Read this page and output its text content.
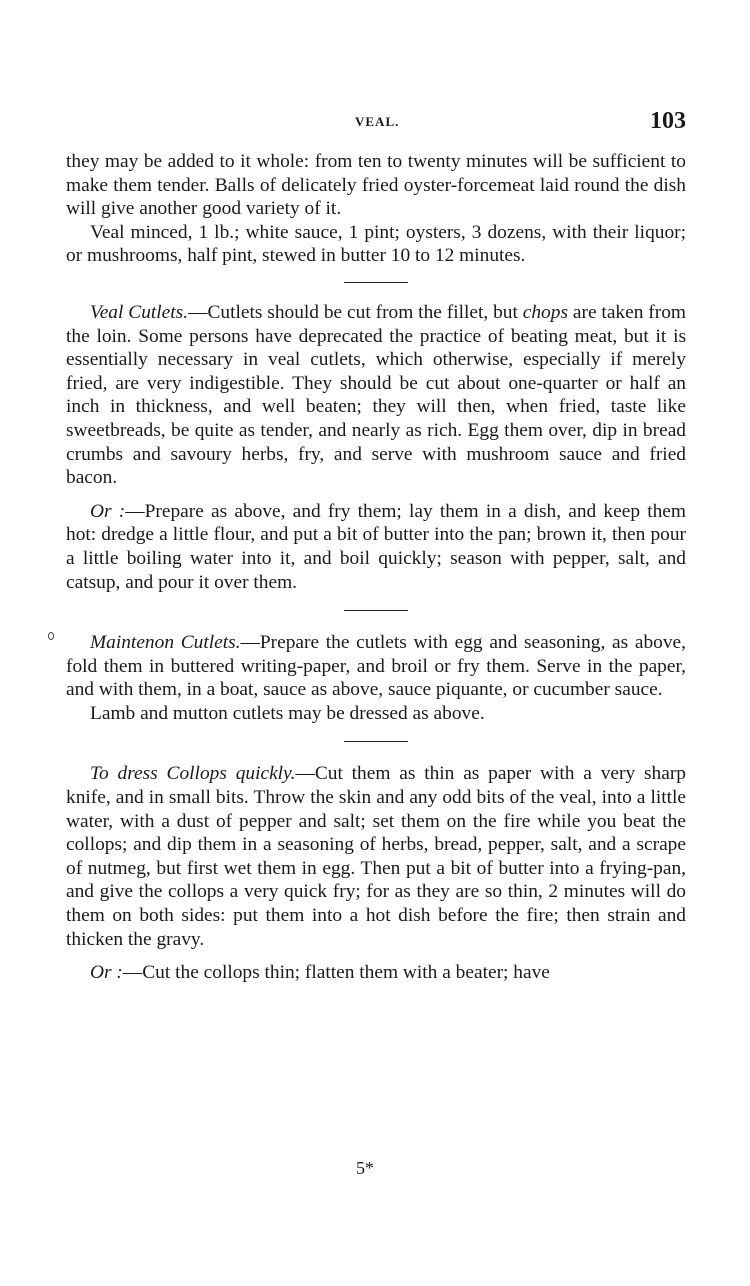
VEAL.	103

they may be added to it whole: from ten to twenty minutes will be sufficient to make them tender. Balls of delicately fried oyster-forcemeat laid round the dish will give another good variety of it.

Veal minced, 1 lb.; white sauce, 1 pint; oysters, 3 dozens, with their liquor; or mushrooms, half pint, stewed in butter 10 to 12 minutes.

Veal Cutlets.—Cutlets should be cut from the fillet, but chops are taken from the loin. Some persons have deprecated the practice of beating meat, but it is essentially necessary in veal cutlets, which otherwise, especially if merely fried, are very indigestible. They should be cut about one-quarter or half an inch in thickness, and well beaten; they will then, when fried, taste like sweetbreads, be quite as tender, and nearly as rich. Egg them over, dip in bread crumbs and savoury herbs, fry, and serve with mushroom sauce and fried bacon.

Or :—Prepare as above, and fry them; lay them in a dish, and keep them hot: dredge a little flour, and put a bit of butter into the pan; brown it, then pour a little boiling water into it, and boil quickly; season with pepper, salt, and catsup, and pour it over them.

Maintenon Cutlets.—Prepare the cutlets with egg and seasoning, as above, fold them in buttered writing-paper, and broil or fry them. Serve in the paper, and with them, in a boat, sauce as above, sauce piquante, or cucumber sauce.

Lamb and mutton cutlets may be dressed as above.

To dress Collops quickly.—Cut them as thin as paper with a very sharp knife, and in small bits. Throw the skin and any odd bits of the veal, into a little water, with a dust of pepper and salt; set them on the fire while you beat the collops; and dip them in a seasoning of herbs, bread, pepper, salt, and a scrape of nutmeg, but first wet them in egg. Then put a bit of butter into a frying-pan, and give the collops a very quick fry; for as they are so thin, 2 minutes will do them on both sides: put them into a hot dish before the fire; then strain and thicken the gravy.

Or :—Cut the collops thin; flatten them with a beater; have

5*
